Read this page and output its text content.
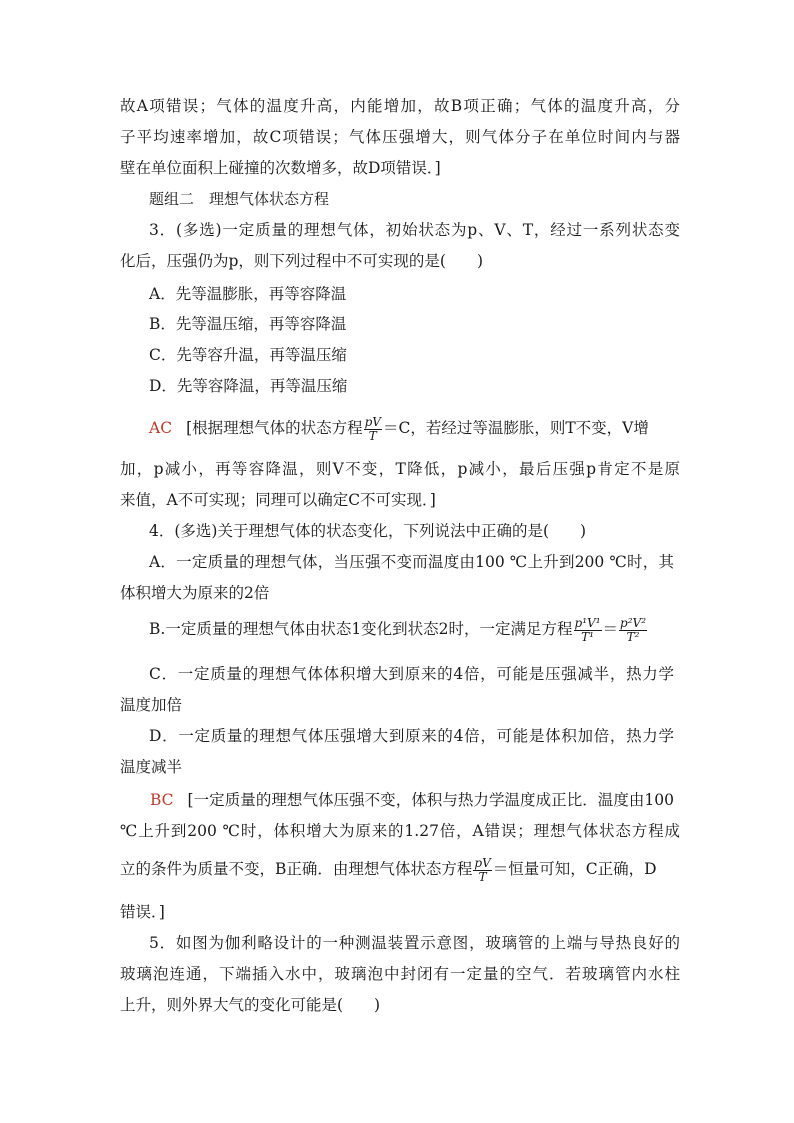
故A项错误；气体的温度升高，内能增加，故B项正确；气体的温度升高，分
子平均速率增加，故C项错误；气体压强增大，则气体分子在单位时间内与器
壁在单位面积上碰撞的次数增多，故D项错误．]
题组二　理想气体状态方程
3．(多选)一定质量的理想气体，初始状态为p、V、T，经过一系列状态变
化后，压强仍为p，则下列过程中不可实现的是(　　)
A．先等温膨胀，再等容降温
B．先等温压缩，再等容降温
C．先等容升温，再等温压缩
D．先等容降温，再等温压缩
AC [根据理想气体的状态方程 $\frac{pV}{T} =C$，若经过等温膨胀，则T不变，V增
加，p减小，再等容降温，则V不变，T降低，p减小，最后压强p肯定不是原
来值，A不可实现；同理可以确定C不可实现．]
4．(多选)关于理想气体的状态变化，下列说法中正确的是(　　)
A．一定质量的理想气体，当压强不变而温度由100 ℃上升到200 ℃时，其
体积增大为原来的2倍
B.一定质量的理想气体由状态1变化到状态2时，一定满足方程 $\frac{\text{p¹V¹}}{\text{T¹}} = \frac{\text{p²V²}}{\text{T²}}$
C．一定质量的理想气体体积增大到原来的4倍，可能是压强减半，热力学
温度加倍
D．一定质量的理想气体压强增大到原来的4倍，可能是体积加倍，热力学
温度减半
BC [一定质量的理想气体压强不变，体积与热力学温度成正比．温度由100
℃上升到200 ℃时，体积增大为原来的1.27倍，A错误；理想气体状态方程成
立的条件为质量不变，B正确．由理想气体状态方程 $\frac{pV}{T}$ ＝恒量可知，C正确，D
错误．]
5．如图为伽利略设计的一种测温装置示意图，玻璃管的上端与导热良好的
玻璃泡连通，下端插入水中，玻璃泡中封闭有一定量的空气．若玻璃管内水柱
上升，则外界大气的变化可能是(　　)
